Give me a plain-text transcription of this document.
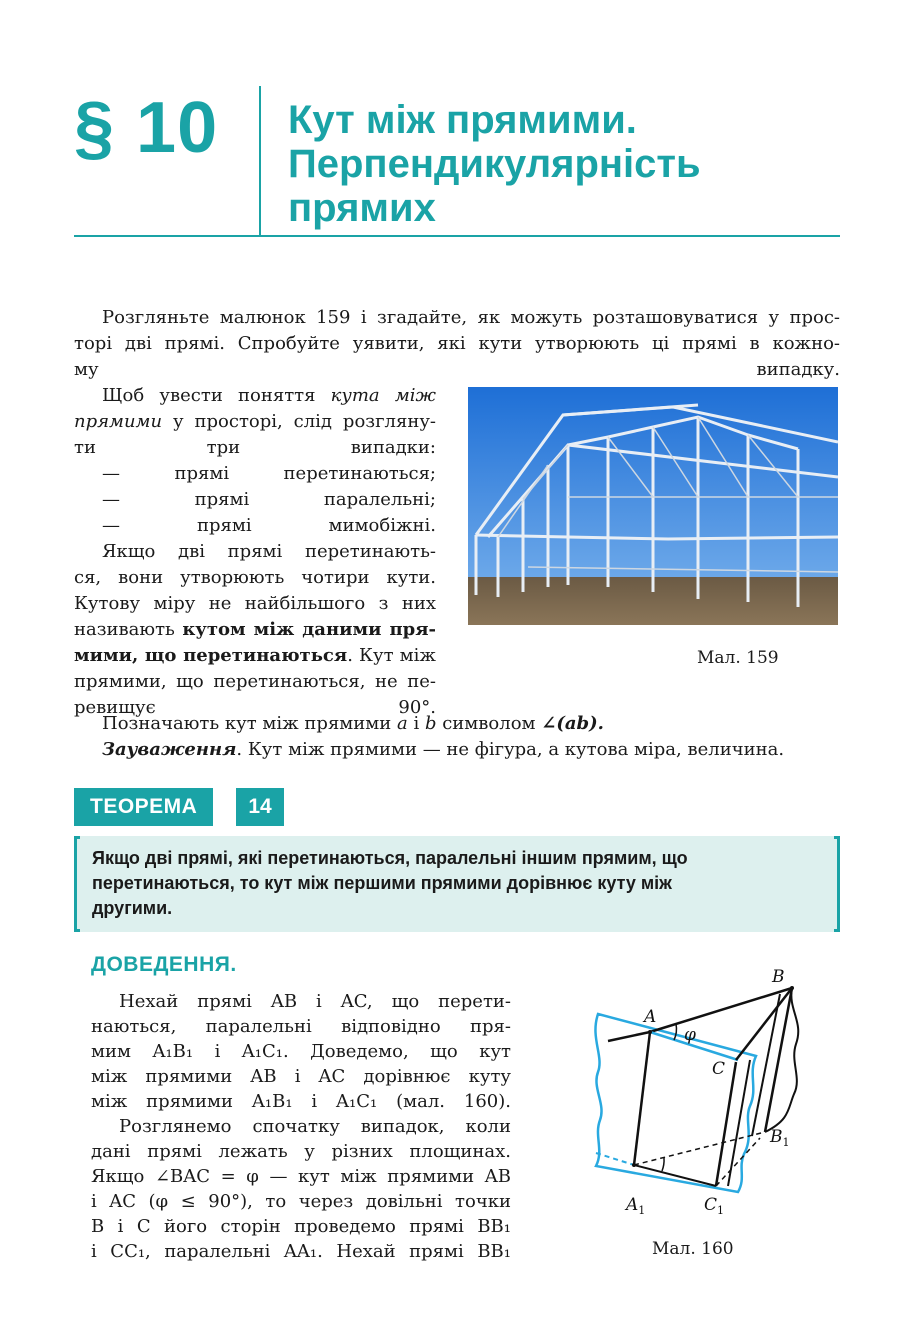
§ 10 Кут між прямими.
Перпендикулярність
прямих
Розгляньте малюнок 159 і згадайте, як можуть розташовуватися у прос-
торі дві прямі. Спробуйте уявити, які кути утворюють ці прямі в кожно-
му випадку.
Щоб увести поняття кута між
прямими у просторі, слід розгляну-
ти три випадки:
— прямі перетинаються;
— прямі паралельні;
— прямі мимобіжні.
Якщо дві прямі перетинають-
ся, вони утворюють чотири кути.
Кутову міру не найбільшого з них
називають кутом між даними пря-
мими, що перетинаються. Кут між
прямими, що перетинаються, не пе-
ревищує 90°.
Мал. 159
Позначають кут між прямими a і b символом ∠(ab).
Зауваження. Кут між прямими — не фігура, а кутова міра, величина.
ТЕОРЕМА	14
Якщо дві прямі, які перетинаються, паралельні іншим прямим, що
перетинаються, то кут між першими прямими дорівнює куту між
другими.
ДОВЕДЕННЯ.
Нехай прямі AB і AC, що перети-
наються, паралельні відповідно пря-
мим A₁B₁ і A₁C₁. Доведемо, що кут
між прямими AB і AC дорівнює куту
між прямими A₁B₁ і A₁C₁ (мал. 160).
Розглянемо спочатку випадок, коли
дані прямі лежать у різних площинах.
Якщо ∠BAC = φ — кут між прямими AB
і AC (φ ≤ 90°), то через довільні точки
B і C його сторін проведемо прямі BB₁
і CC₁, паралельні AA₁. Нехай прямі BB₁
A
B
C
φ
$B_1$
$A_1$	$C_1$
Мал. 160
